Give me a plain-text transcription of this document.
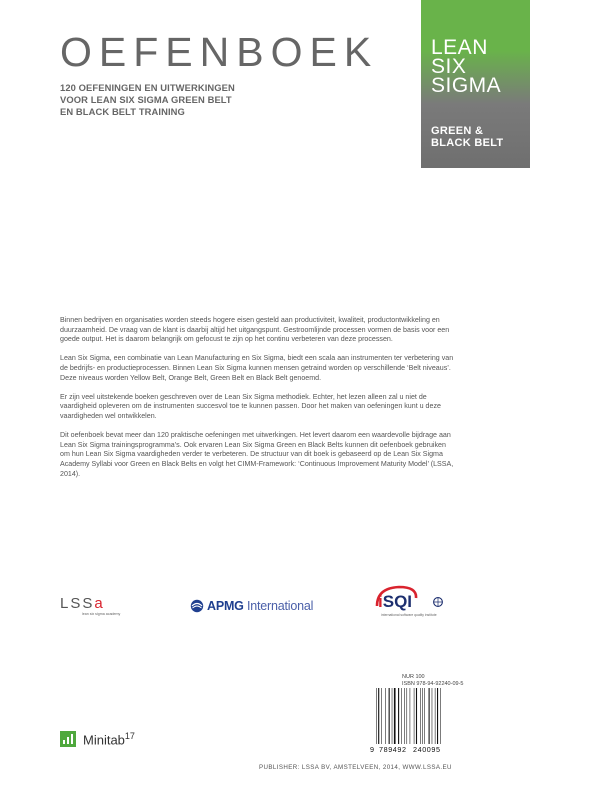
OEFENBOEK
120 OEFENINGEN EN UITWERKINGEN
VOOR LEAN SIX SIGMA GREEN BELT
EN BLACK BELT TRAINING
LEAN
SIX
SIGMA
GREEN &
BLACK BELT

Binnen bedrijven en organisaties worden steeds hogere eisen gesteld aan productiviteit, kwaliteit, productontwikkeling en duurzaamheid. De vraag van de klant is daarbij altijd het uitgangspunt. Gestroomlijnde processen vormen de basis voor een goede output. Het is daarom belangrijk om gefocust te zijn op het continu verbeteren van deze processen.

Lean Six Sigma, een combinatie van Lean Manufacturing en Six Sigma, biedt een scala aan instrumenten ter verbetering van de bedrijfs- en productieprocessen. Binnen Lean Six Sigma kunnen mensen getraind worden op verschillende ‘Belt niveaus’. Deze niveaus worden Yellow Belt, Orange Belt, Green Belt en Black Belt genoemd.

Er zijn veel uitstekende boeken geschreven over de Lean Six Sigma methodiek. Echter, het lezen alleen zal u niet de vaardigheid opleveren om de instrumenten succesvol toe te kunnen passen. Door het maken van oefeningen kunt u deze vaardigheden wel ontwikkelen.

Dit oefenboek bevat meer dan 120 praktische oefeningen met uitwerkingen. Het levert daarom een waardevolle bijdrage aan Lean Six Sigma trainingsprogramma’s. Ook ervaren Lean Six Sigma Green en Black Belts kunnen dit oefenboek gebruiken om hun Lean Six Sigma vaardigheden verder te verbeteren. De structuur van dit boek is gebaseerd op de Lean Six Sigma Academy Syllabi voor Green en Black Belts en volgt het CIMM-Framework: ‘Continuous Improvement Maturity Model’ (LSSA, 2014).

LSSa
lean six sigma academy
APMG International	iSQI
international software quality institute
NUR 100
ISBN 978-94-92240-09-5
9 789492 240095
Minitab$^{17}$
PUBLISHER: LSSA BV, AMSTELVEEN, 2014, WWW.LSSA.EU
